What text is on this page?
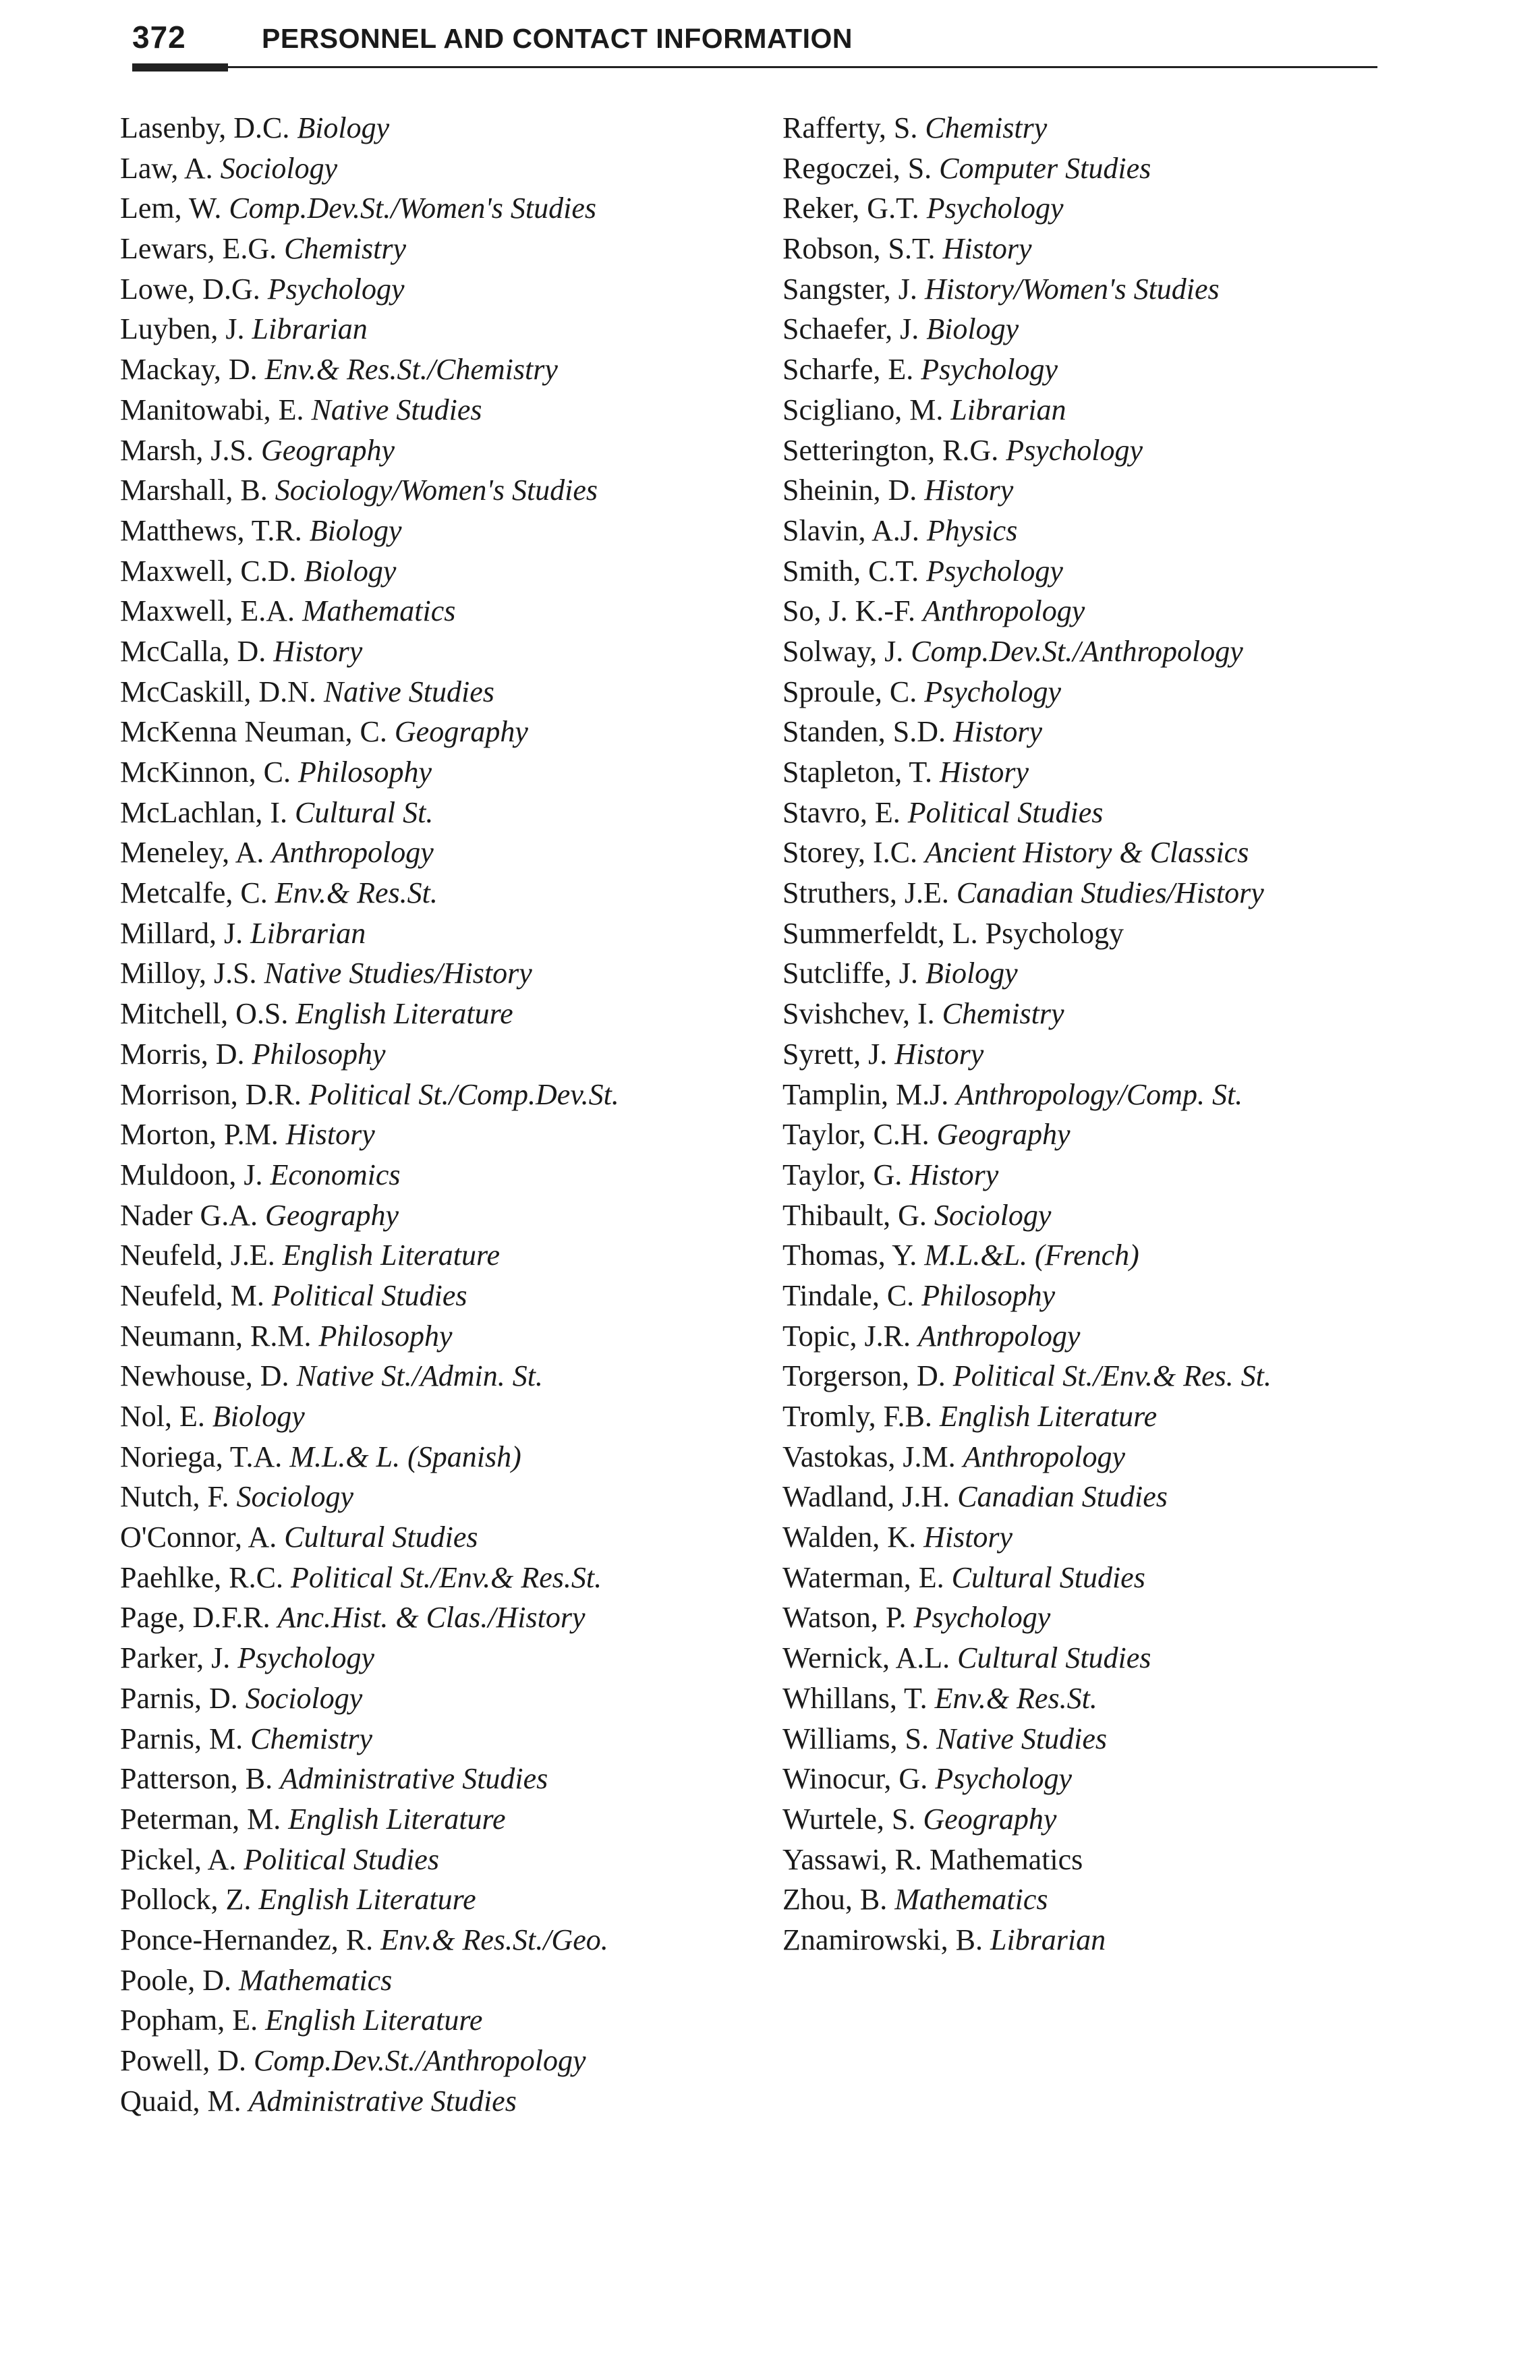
372	PERSONNEL AND CONTACT INFORMATION
Lasenby, D.C. Biology
Law, A. Sociology
Lem, W. Comp.Dev.St./Women's Studies
Lewars, E.G. Chemistry
Lowe, D.G. Psychology
Luyben, J. Librarian
Mackay, D. Env.& Res.St./Chemistry
Manitowabi, E. Native Studies
Marsh, J.S. Geography
Marshall, B. Sociology/Women's Studies
Matthews, T.R. Biology
Maxwell, C.D. Biology
Maxwell, E.A. Mathematics
McCalla, D. History
McCaskill, D.N. Native Studies
McKenna Neuman, C. Geography
McKinnon, C. Philosophy
McLachlan, I. Cultural St.
Meneley, A. Anthropology
Metcalfe, C. Env.& Res.St.
Millard, J. Librarian
Milloy, J.S. Native Studies/History
Mitchell, O.S. English Literature
Morris, D. Philosophy
Morrison, D.R. Political St./Comp.Dev.St.
Morton, P.M. History
Muldoon, J. Economics
Nader G.A. Geography
Neufeld, J.E. English Literature
Neufeld, M. Political Studies
Neumann, R.M. Philosophy
Newhouse, D. Native St./Admin. St.
Nol, E. Biology
Noriega, T.A. M.L.& L. (Spanish)
Nutch, F. Sociology
O'Connor, A. Cultural Studies
Paehlke, R.C. Political St./Env.& Res.St.
Page, D.F.R. Anc.Hist. & Clas./History
Parker, J. Psychology
Parnis, D. Sociology
Parnis, M. Chemistry
Patterson, B. Administrative Studies
Peterman, M. English Literature
Pickel, A. Political Studies
Pollock, Z. English Literature
Ponce-Hernandez, R. Env.& Res.St./Geo.
Poole, D. Mathematics
Popham, E. English Literature
Powell, D. Comp.Dev.St./Anthropology
Quaid, M. Administrative Studies
Rafferty, S. Chemistry
Regoczei, S. Computer Studies
Reker, G.T. Psychology
Robson, S.T. History
Sangster, J. History/Women's Studies
Schaefer, J. Biology
Scharfe, E. Psychology
Scigliano, M. Librarian
Setterington, R.G. Psychology
Sheinin, D. History
Slavin, A.J. Physics
Smith, C.T. Psychology
So, J. K.-F. Anthropology
Solway, J. Comp.Dev.St./Anthropology
Sproule, C. Psychology
Standen, S.D. History
Stapleton, T. History
Stavro, E. Political Studies
Storey, I.C. Ancient History & Classics
Struthers, J.E. Canadian Studies/History
Summerfeldt, L. Psychology
Sutcliffe, J. Biology
Svishchev, I. Chemistry
Syrett, J. History
Tamplin, M.J. Anthropology/Comp. St.
Taylor, C.H. Geography
Taylor, G. History
Thibault, G. Sociology
Thomas, Y. M.L.&L. (French)
Tindale, C. Philosophy
Topic, J.R. Anthropology
Torgerson, D. Political St./Env.& Res. St.
Tromly, F.B. English Literature
Vastokas, J.M. Anthropology
Wadland, J.H. Canadian Studies
Walden, K. History
Waterman, E. Cultural Studies
Watson, P. Psychology
Wernick, A.L. Cultural Studies
Whillans, T. Env.& Res.St.
Williams, S. Native Studies
Winocur, G. Psychology
Wurtele, S. Geography
Yassawi, R. Mathematics
Zhou, B. Mathematics
Znamirowski, B. Librarian
